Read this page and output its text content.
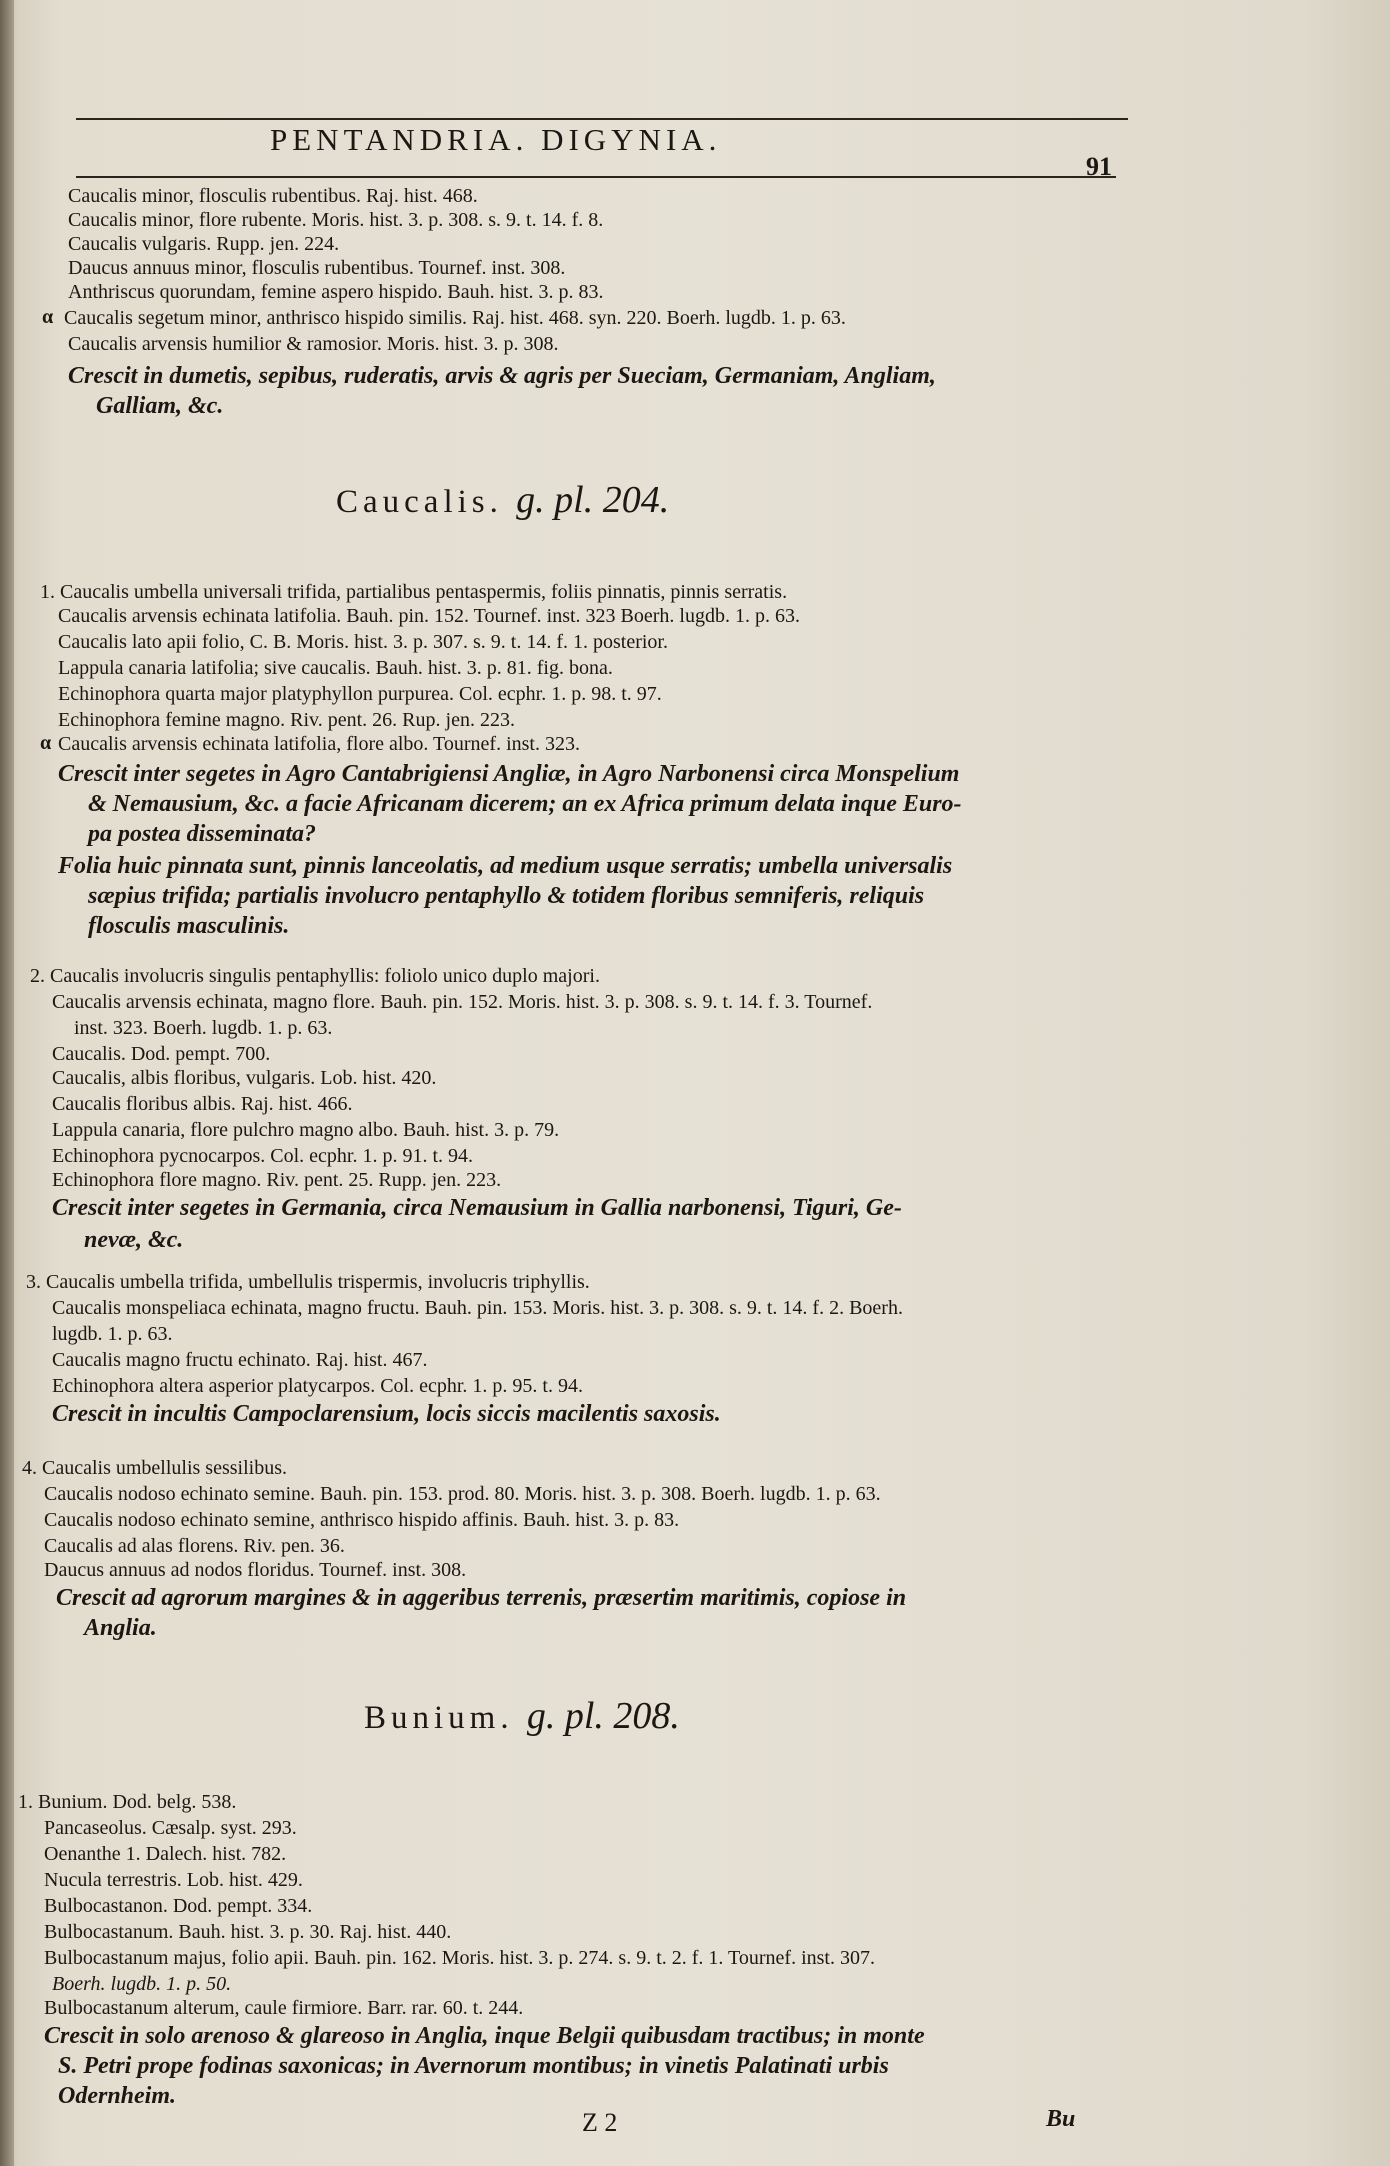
PENTANDRIA. DIGYNIA.
91
Caucalis minor, flosculis rubentibus. Raj. hist. 468.
Caucalis minor, flore rubente. Moris. hist. 3. p. 308. s. 9. t. 14. f. 8.
Caucalis vulgaris. Rupp. jen. 224.
Daucus annuus minor, flosculis rubentibus. Tournef. inst. 308.
Anthriscus quorundam, femine aspero hispido. Bauh. hist. 3. p. 83.
α Caucalis segetum minor, anthrisco hispido similis. Raj. hist. 468. syn. 220. Boerh. lugdb. 1. p. 63.
Caucalis arvensis humilior & ramosior. Moris. hist. 3. p. 308.
Crescit in dumetis, sepibus, ruderatis, arvis & agris per Sueciam, Germaniam, Angliam,
Galliam, &c.
Caucalis. g. pl. 204.
1. Caucalis umbella universali trifida, partialibus pentaspermis, foliis pinnatis, pinnis serratis.
Caucalis arvensis echinata latifolia. Bauh. pin. 152. Tournef. inst. 323 Boerh. lugdb. 1. p. 63.
Caucalis lato apii folio, C. B. Moris. hist. 3. p. 307. s. 9. t. 14. f. 1. posterior.
Lappula canaria latifolia; sive caucalis. Bauh. hist. 3. p. 81. fig. bona.
Echinophora quarta major platyphyllon purpurea. Col. ecphr. 1. p. 98. t. 97.
Echinophora femine magno. Riv. pent. 26. Rup. jen. 223.
α Caucalis arvensis echinata latifolia, flore albo. Tournef. inst. 323.
Crescit inter segetes in Agro Cantabrigiensi Angliæ, in Agro Narbonensi circa Monspelium
& Nemausium, &c. a facie Africanam dicerem; an ex Africa primum delata inque Euro-
pa postea disseminata?
Folia huic pinnata sunt, pinnis lanceolatis, ad medium usque serratis; umbella universalis
sæpius trifida; partialis involucro pentaphyllo & totidem floribus semniferis, reliquis
flosculis masculinis.
2. Caucalis involucris singulis pentaphyllis: foliolo unico duplo majori.
Caucalis arvensis echinata, magno flore. Bauh. pin. 152. Moris. hist. 3. p. 308. s. 9. t. 14. f. 3. Tournef.
inst. 323. Boerh. lugdb. 1. p. 63.
Caucalis. Dod. pempt. 700.
Caucalis, albis floribus, vulgaris. Lob. hist. 420.
Caucalis floribus albis. Raj. hist. 466.
Lappula canaria, flore pulchro magno albo. Bauh. hist. 3. p. 79.
Echinophora pycnocarpos. Col. ecphr. 1. p. 91. t. 94.
Echinophora flore magno. Riv. pent. 25. Rupp. jen. 223.
Crescit inter segetes in Germania, circa Nemausium in Gallia narbonensi, Tiguri, Ge-
nevæ, &c.
3. Caucalis umbella trifida, umbellulis trispermis, involucris triphyllis.
Caucalis monspeliaca echinata, magno fructu. Bauh. pin. 153. Moris. hist. 3. p. 308. s. 9. t. 14. f. 2. Boerh.
lugdb. 1. p. 63.
Caucalis magno fructu echinato. Raj. hist. 467.
Echinophora altera asperior platycarpos. Col. ecphr. 1. p. 95. t. 94.
Crescit in incultis Campoclarensium, locis siccis macilentis saxosis.
4. Caucalis umbellulis sessilibus.
Caucalis nodoso echinato semine. Bauh. pin. 153. prod. 80. Moris. hist. 3. p. 308. Boerh. lugdb. 1. p. 63.
Caucalis nodoso echinato semine, anthrisco hispido affinis. Bauh. hist. 3. p. 83.
Caucalis ad alas florens. Riv. pen. 36.
Daucus annuus ad nodos floridus. Tournef. inst. 308.
Crescit ad agrorum margines & in aggeribus terrenis, præsertim maritimis, copiose in
Anglia.
Bunium. g. pl. 208.
1. Bunium. Dod. belg. 538.
Pancaseolus. Cæsalp. syst. 293.
Oenanthe 1. Dalech. hist. 782.
Nucula terrestris. Lob. hist. 429.
Bulbocastanon. Dod. pempt. 334.
Bulbocastanum. Bauh. hist. 3. p. 30. Raj. hist. 440.
Bulbocastanum majus, folio apii. Bauh. pin. 162. Moris. hist. 3. p. 274. s. 9. t. 2. f. 1. Tournef. inst. 307.
Boerh. lugdb. 1. p. 50.
Bulbocastanum alterum, caule firmiore. Barr. rar. 60. t. 244.
Crescit in solo arenoso & glareoso in Anglia, inque Belgii quibusdam tractibus; in monte
S. Petri prope fodinas saxonicas; in Avernorum montibus; in vinetis Palatinati urbis
Odernheim.
Z 2	Bu
